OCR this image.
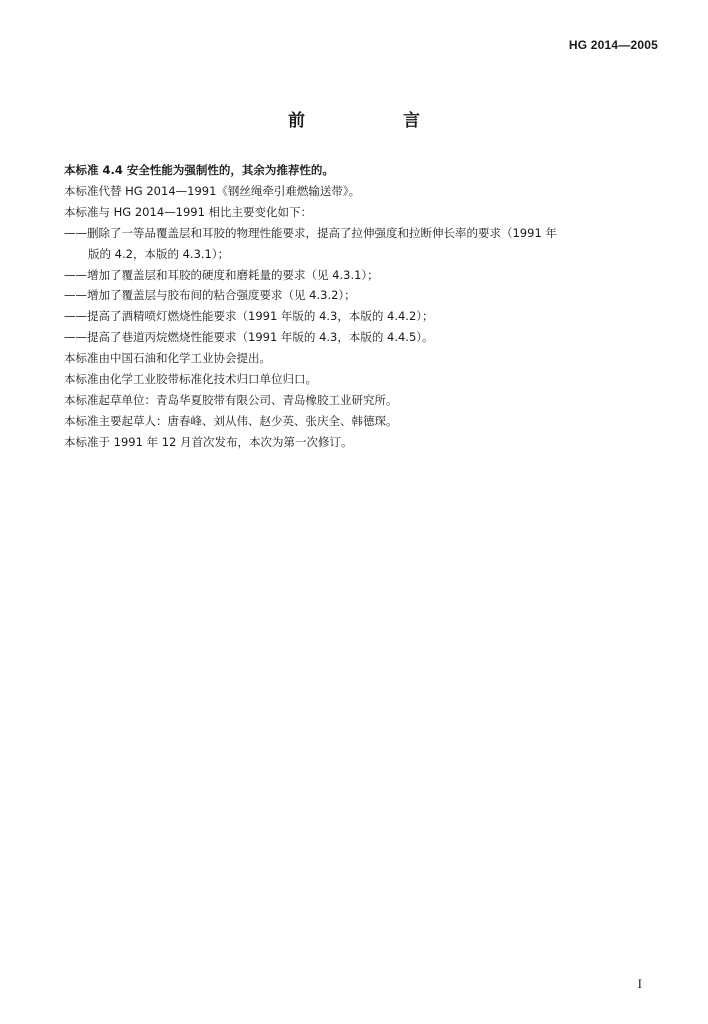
HG 2014—2005
前 言

本标准 4.4 安全性能为强制性的，其余为推荐性的。

本标准代替 HG 2014—1991《钢丝绳牵引难燃输送带》。

本标准与 HG 2014—1991 相比主要变化如下：

——删除了一等品覆盖层和耳胶的物理性能要求，提高了拉伸强度和拉断伸长率的要求（1991 年

版的 4.2，本版的 4.3.1）；

——增加了覆盖层和耳胶的硬度和磨耗量的要求（见 4.3.1）；

——增加了覆盖层与胶布间的粘合强度要求（见 4.3.2）；

——提高了酒精喷灯燃烧性能要求（1991 年版的 4.3，本版的 4.4.2）；

——提高了巷道丙烷燃烧性能要求（1991 年版的 4.3，本版的 4.4.5）。

本标准由中国石油和化学工业协会提出。

本标准由化学工业胶带标准化技术归口单位归口。

本标准起草单位：青岛华夏胶带有限公司、青岛橡胶工业研究所。

本标准主要起草人：唐春峰、刘从伟、赵少英、张庆全、韩德琛。

本标准于 1991 年 12 月首次发布，本次为第一次修订。

I
